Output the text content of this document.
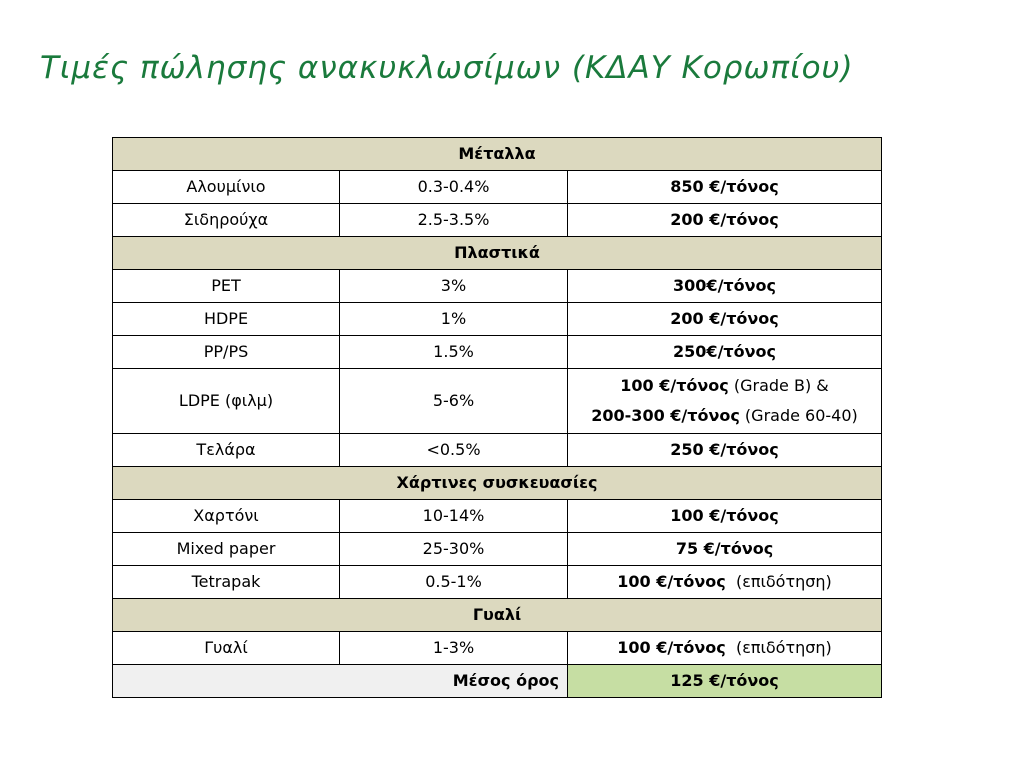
Τιμές πώλησης ανακυκλωσίμων (ΚΔΑΥ Κορωπίου)
Μέταλλα		
Αλουμίνιο	0.3-0.4%	850 €/τόνος
Σιδηρούχα	2.5-3.5%	200 €/τόνος
Πλαστικά		
PET	3%	300€/τόνος
HDPE	1%	200 €/τόνος
PP/PS	1.5%	250€/τόνος
LDPE (φιλμ)	5-6%	100 €/τόνος (Grade B) &
200-300 €/τόνος (Grade 60-40)

Τελάρα	<0.5%	250 €/τόνος
Χάρτινες συσκευασίες		
Χαρτόνι	10-14%	100 €/τόνος
Mixed paper	25-30%	75 €/τόνος
Tetrapak	0.5-1%	100 €/τόνος (επιδότηση)
Γυαλί		
Γυαλί	1-3%	100 €/τόνος (επιδότηση)
Μέσος όρος		125 €/τόνος
